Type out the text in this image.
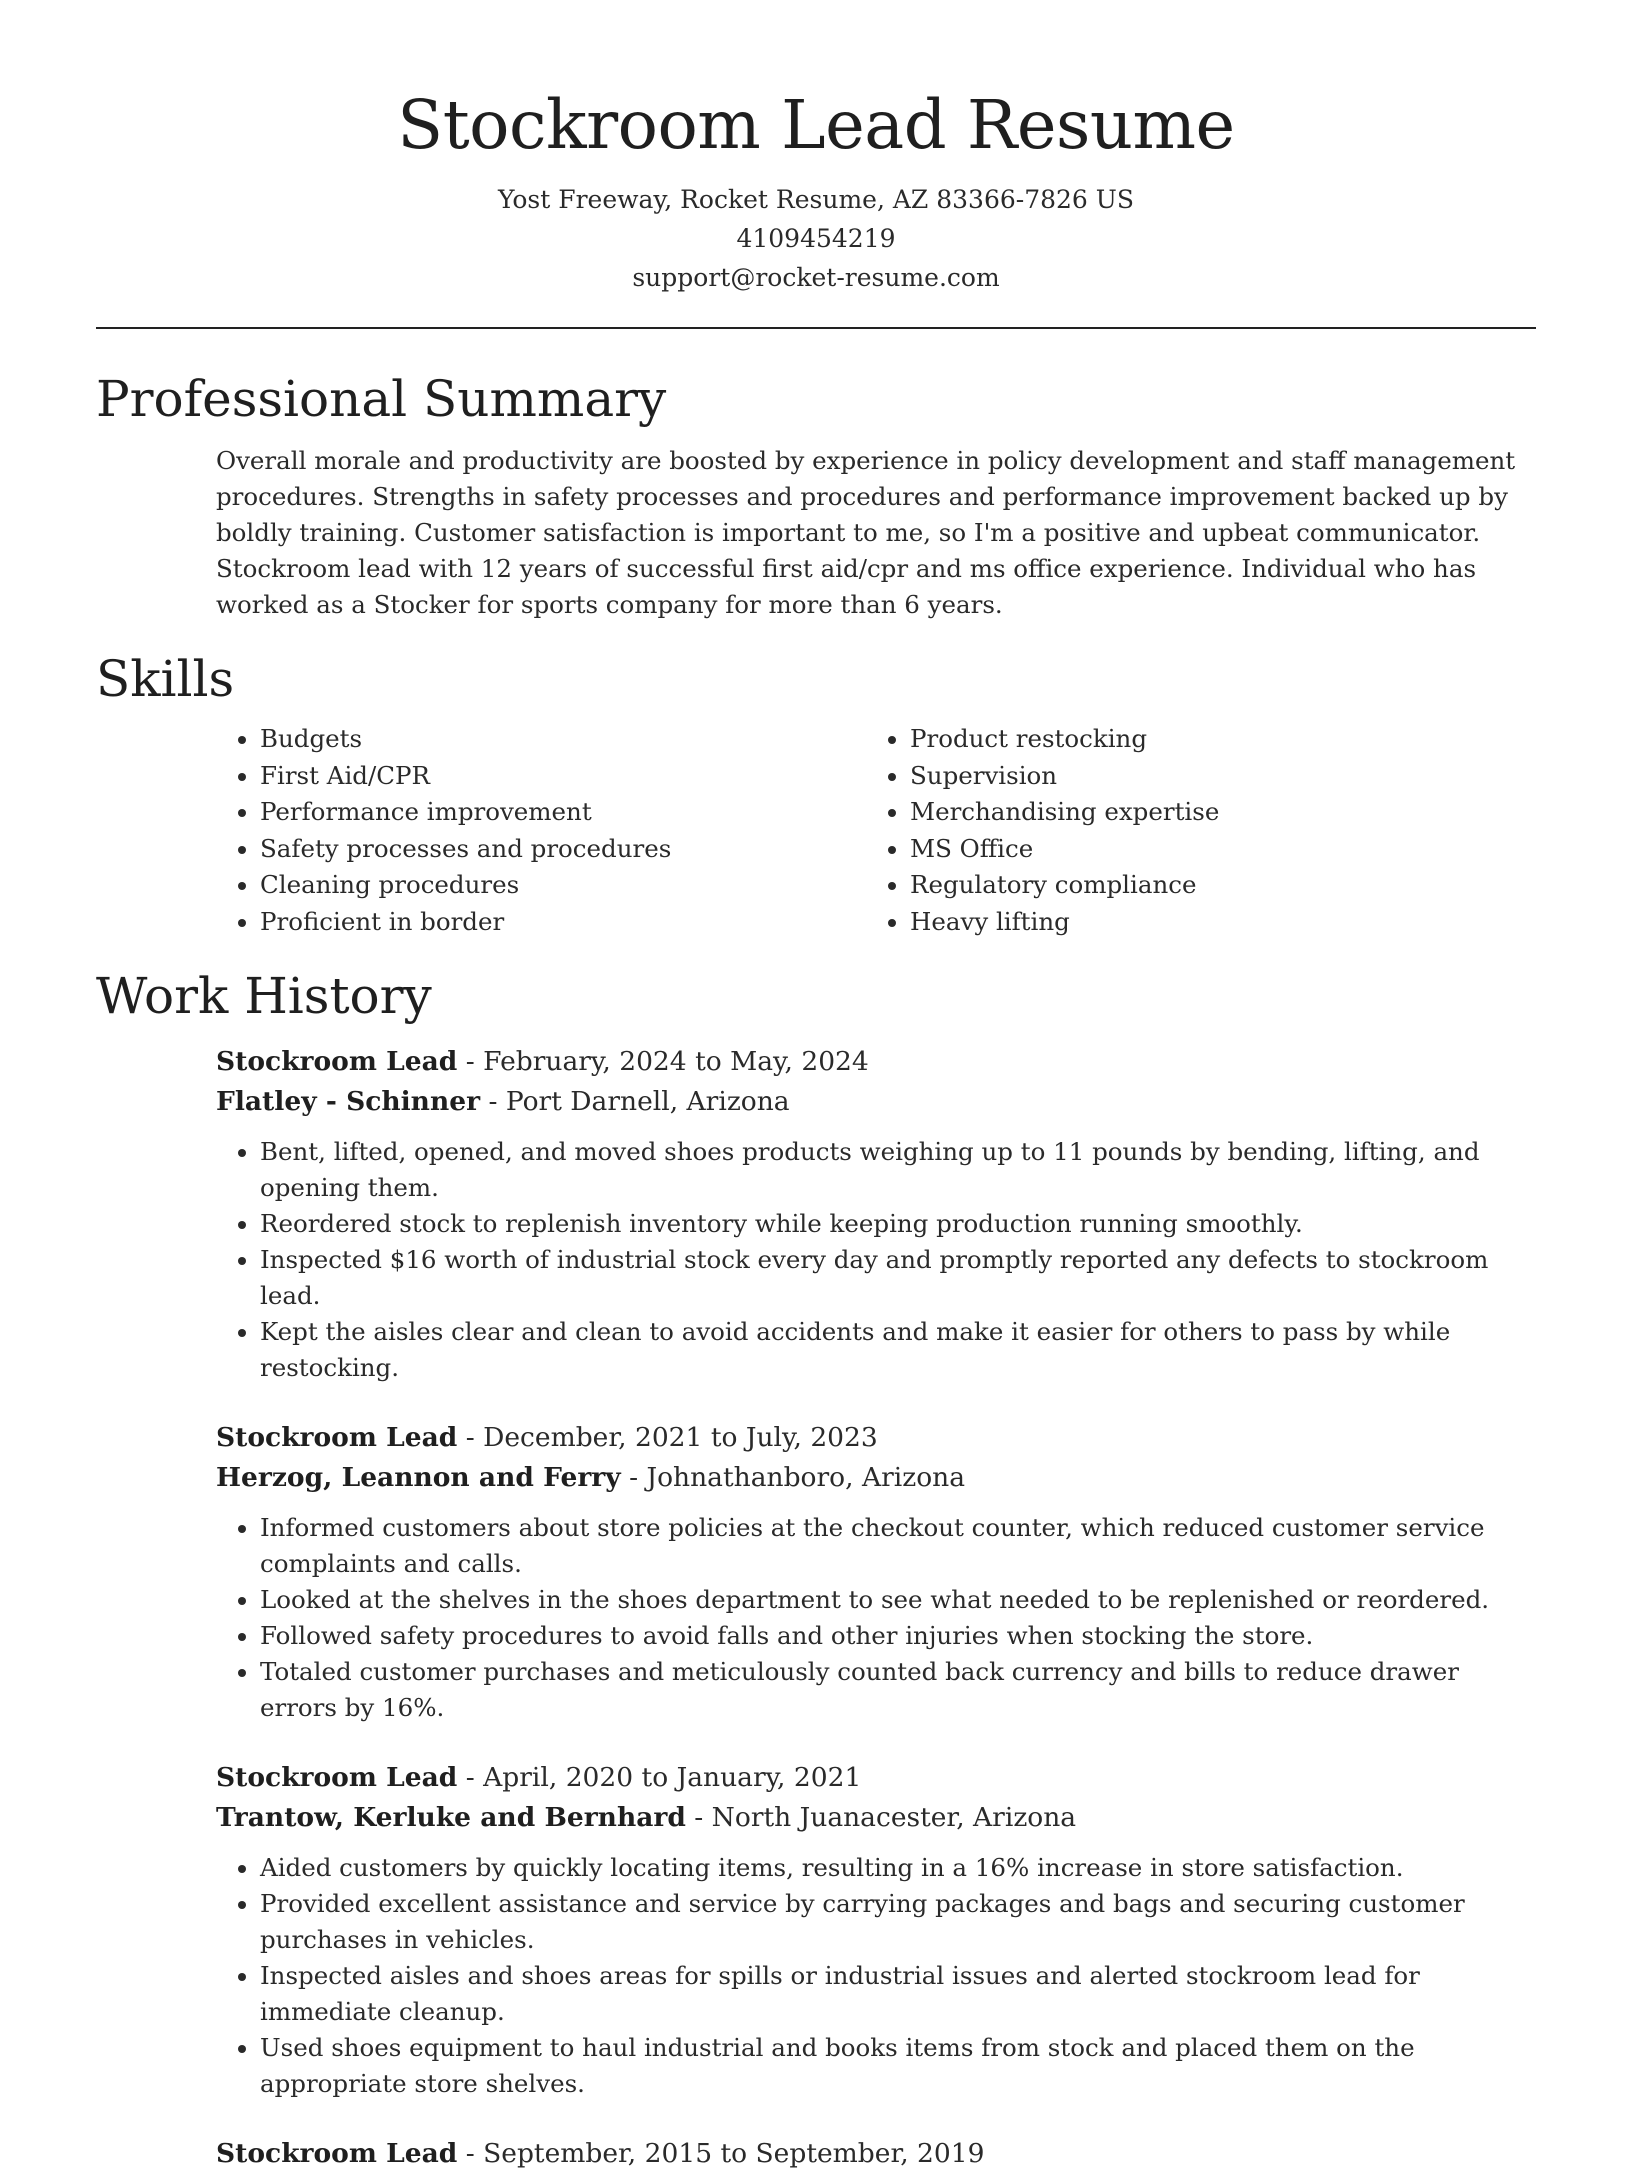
Stockroom Lead Resume
Yost Freeway, Rocket Resume, AZ 83366-7826 US
4109454219
support@rocket-resume.com
Professional Summary
Overall morale and productivity are boosted by experience in policy development and staff management procedures. Strengths in safety processes and procedures and performance improvement backed up by boldly training. Customer satisfaction is important to me, so I'm a positive and upbeat communicator. Stockroom lead with 12 years of successful first aid/cpr and ms office experience. Individual who has worked as a Stocker for sports company for more than 6 years.
Skills
• Budgets
• First Aid/CPR
• Performance improvement
• Safety processes and procedures
• Cleaning procedures
• Proficient in border
• Product restocking
• Supervision
• Merchandising expertise
• MS Office
• Regulatory compliance
• Heavy lifting
Work History
Stockroom Lead - February, 2024 to May, 2024
Flatley - Schinner - Port Darnell, Arizona
• Bent, lifted, opened, and moved shoes products weighing up to 11 pounds by bending, lifting, and opening them.
• Reordered stock to replenish inventory while keeping production running smoothly.
• Inspected $16 worth of industrial stock every day and promptly reported any defects to stockroom lead.
• Kept the aisles clear and clean to avoid accidents and make it easier for others to pass by while restocking.
Stockroom Lead - December, 2021 to July, 2023
Herzog, Leannon and Ferry - Johnathanboro, Arizona
• Informed customers about store policies at the checkout counter, which reduced customer service complaints and calls.
• Looked at the shelves in the shoes department to see what needed to be replenished or reordered.
• Followed safety procedures to avoid falls and other injuries when stocking the store.
• Totaled customer purchases and meticulously counted back currency and bills to reduce drawer errors by 16%.
Stockroom Lead - April, 2020 to January, 2021
Trantow, Kerluke and Bernhard - North Juanacester, Arizona
• Aided customers by quickly locating items, resulting in a 16% increase in store satisfaction.
• Provided excellent assistance and service by carrying packages and bags and securing customer purchases in vehicles.
• Inspected aisles and shoes areas for spills or industrial issues and alerted stockroom lead for immediate cleanup.
• Used shoes equipment to haul industrial and books items from stock and placed them on the appropriate store shelves.
Stockroom Lead - September, 2015 to September, 2019
